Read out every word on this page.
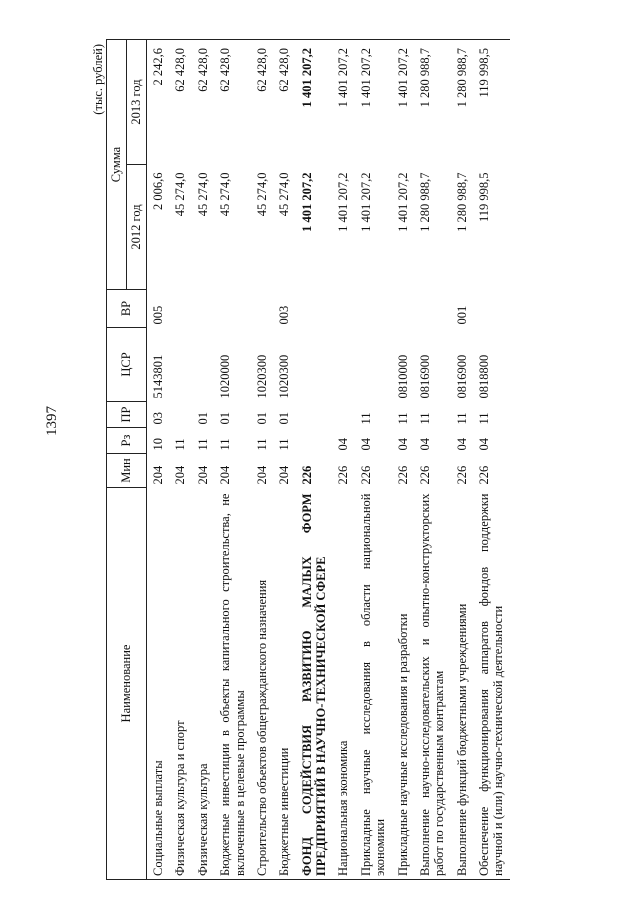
1397
(тыс. рублей)
Наименование	Мин	Рз	ПР	ЦСР	ВР	Сумма	
						2012 год	2013 год
Социальные выплаты	204	10	03	5143801	005	2 006,6	2 242,6
Физическая культура и спорт	204	11				45 274,0	62 428,0
Физическая культура	204	11	01			45 274,0	62 428,0
Бюджетные инвестиции в объекты капитального строительства, не включенные в целевые программы	204	11	01	1020000		45 274,0	62 428,0
Строительство объектов общегражданского назначения	204	11	01	1020300		45 274,0	62 428,0
Бюджетные инвестиции	204	11	01	1020300	003	45 274,0	62 428,0
ФОНД СОДЕЙСТВИЯ РАЗВИТИЮ МАЛЫХ ФОРМ ПРЕДПРИЯТИЙ В НАУЧНО-ТЕХНИЧЕСКОЙ СФЕРЕ	226					1 401 207,2	1 401 207,2
Национальная экономика	226	04				1 401 207,2	1 401 207,2
Прикладные научные исследования в области национальной экономики	226	04	11			1 401 207,2	1 401 207,2
Прикладные научные исследования и разработки	226	04	11	0810000		1 401 207,2	1 401 207,2
Выполнение научно-исследовательских и опытно-конструкторских работ по государственным контрактам	226	04	11	0816900		1 280 988,7	1 280 988,7
Выполнение функций бюджетными учреждениями	226	04	11	0816900	001	1 280 988,7	1 280 988,7
Обеспечение функционирования аппаратов фондов поддержки научной и (или) научно-технической деятельности	226	04	11	0818800		119 998,5	119 998,5
